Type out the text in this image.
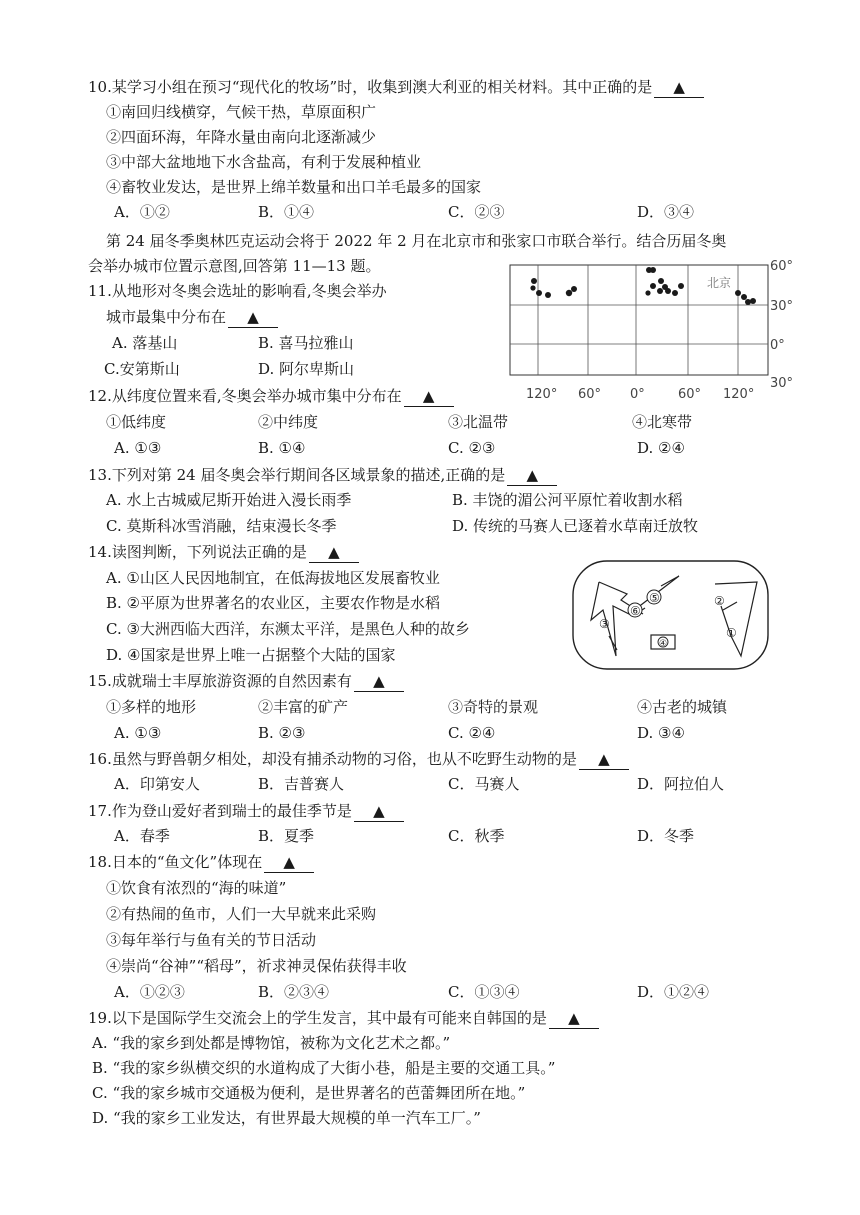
10.某学习小组在预习“现代化的牧场”时，收集到澳大利亚的相关材料。其中正确的是 ▲
①南回归线横穿，气候干热，草原面积广
②四面环海，年降水量由南向北逐渐减少
③中部大盆地地下水含盐高，有利于发展种植业
④畜牧业发达，是世界上绵羊数量和出口羊毛最多的国家
A．①②	B．①④	C．②③	D．③④
第 24 届冬季奥林匹克运动会将于 2022 年 2 月在北京市和张家口市联合举行。结合历届冬奥
会举办城市位置示意图,回答第 11—13 题。
北京
60°
30°
0°
30°
120° 60° 0°	60° 120°
11.从地形对冬奥会选址的影响看,冬奥会举办
城市最集中分布在 ▲
A. 落基山	B. 喜马拉雅山
C.安第斯山	D. 阿尔卑斯山
12.从纬度位置来看,冬奥会举办城市集中分布在 ▲
①低纬度	②中纬度	③北温带	④北寒带
A. ①③	B. ①④	C. ②③	D. ②④
13.下列对第 24 届冬奥会举行期间各区域景象的描述,正确的是 ▲
A. 水上古城威尼斯开始进入漫长雨季	B. 丰饶的湄公河平原忙着收割水稻
C. 莫斯科冰雪消融，结束漫长冬季	D. 传统的马赛人已逐着水草南迁放牧
14.读图判断，下列说法正确的是 ▲
A. ①山区人民因地制宜，在低海拔地区发展畜牧业
B. ②平原为世界著名的农业区，主要农作物是水稻
C. ③大洲西临大西洋，东濒太平洋，是黑色人种的故乡
D. ④国家是世界上唯一占据整个大陆的国家
④
⑥
⑤
③
②
①
15.成就瑞士丰厚旅游资源的自然因素有 ▲
①多样的地形	②丰富的矿产	③奇特的景观	④古老的城镇
A. ①③	B. ②③	C. ②④	D. ③④
16.虽然与野兽朝夕相处，却没有捕杀动物的习俗，也从不吃野生动物的是 ▲
A．印第安人	B．吉普赛人	C．马赛人	D．阿拉伯人
17.作为登山爱好者到瑞士的最佳季节是 ▲
A．春季	B．夏季	C．秋季	D．冬季
18.日本的“鱼文化”体现在 ▲
①饮食有浓烈的“海的味道”
②有热闹的鱼市，人们一大早就来此采购
③每年举行与鱼有关的节日活动
④崇尚“谷神”“稻母”，祈求神灵保佑获得丰收
A．①②③	B．②③④	C．①③④	D．①②④
19.以下是国际学生交流会上的学生发言，其中最有可能来自韩国的是 ▲
A. “我的家乡到处都是博物馆，被称为文化艺术之都。”
B. “我的家乡纵横交织的水道构成了大街小巷，船是主要的交通工具。”
C. “我的家乡城市交通极为便利，是世界著名的芭蕾舞团所在地。”
D. “我的家乡工业发达，有世界最大规模的单一汽车工厂。”
